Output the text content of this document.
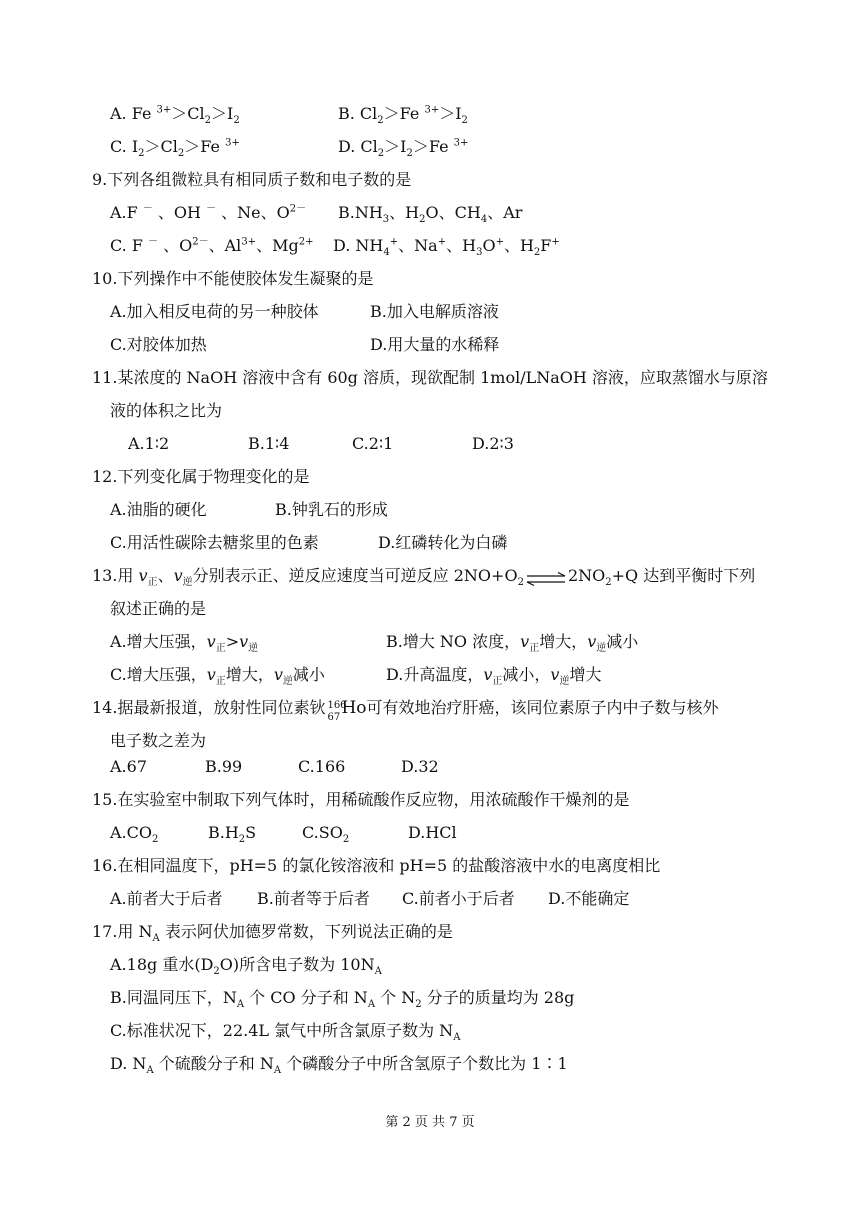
A. Fe $^{3+}>Cl_2>I_2$	B. $Cl_2>Fe$ $^{3+}>I_2$
C. $I_2>Cl_2>Fe$ $^{3+}$	D. $Cl_2>I_2>Fe$ $^{3+}$
9.下列各组微粒具有相同质子数和电子数的是
A.F － 、OH － 、Ne、$O^{2-}$ $B.NH_3$、$H_2O$、$CH_4$、Ar
C. F － 、$O^{2-}$、$Al^{3+}$、$Mg^{2+}$ D. $NH_4^+$、Na+、$H_3O^+$、$H_2F^+$
10.下列操作中不能使胶体发生凝聚的是
A.加入相反电荷的另一种胶体	B.加入电解质溶液
C.对胶体加热	D.用大量的水稀释
11.某浓度的 NaOH 溶液中含有 60g 溶质，现欲配制 1mol/LNaOH 溶液，应取蒸馏水与原溶
液的体积之比为
A.1∶2	B.1∶4	C.2∶1	D.2∶3
12.下列变化属于物理变化的是
A.油脂的硬化	B.钟乳石的形成
C.用活性碳除去糖浆里的色素	D.红磷转化为白磷
13.用 $v_正$、$v_逆$分别表示正、逆反应速度当可逆反应 $2NO+O_2$ ⇌ $2NO_2+Q$ 达到平衡时下列
叙述正确的是
A.增大压强，$v_正>v_逆$	B.增大 NO 浓度，$v_正$增大，$v_逆$减小
C.增大压强，$v_正$增大，$v_逆$减小	D.升高温度，$v_正$减小，$v_逆$增大
14.据最新报道，放射性同位素钬 166
67 Ho可有效地治疗肝癌，该同位素原子内中子数与核外
电子数之差为
A.67	B.99	C.166	D.32
15.在实验室中制取下列气体时，用稀硫酸作反应物，用浓硫酸作干燥剂的是
$A.CO_2$	$B.H_2S$	$C.SO_2$	D.HCl
16.在相同温度下，pH=5 的氯化铵溶液和 pH=5 的盐酸溶液中水的电离度相比
A.前者大于后者 B.前者等于后者 C.前者小于后者 D.不能确定
17.用 $N_A$ 表示阿伏加德罗常数，下列说法正确的是
A.18g 重水$(D_2O)$所含电子数为 $10N_A$
B.同温同压下，$N_A$ 个 CO 分子和 $N_A$ 个 $N_2$ 分子的质量均为 28g
C.标准状况下，22.4L 氯气中所含氯原子数为 $N_A$
D. $N_A$ 个硫酸分子和 $N_A$ 个磷酸分子中所含氢原子个数比为 1∶1
第 2 页 共 7 页
